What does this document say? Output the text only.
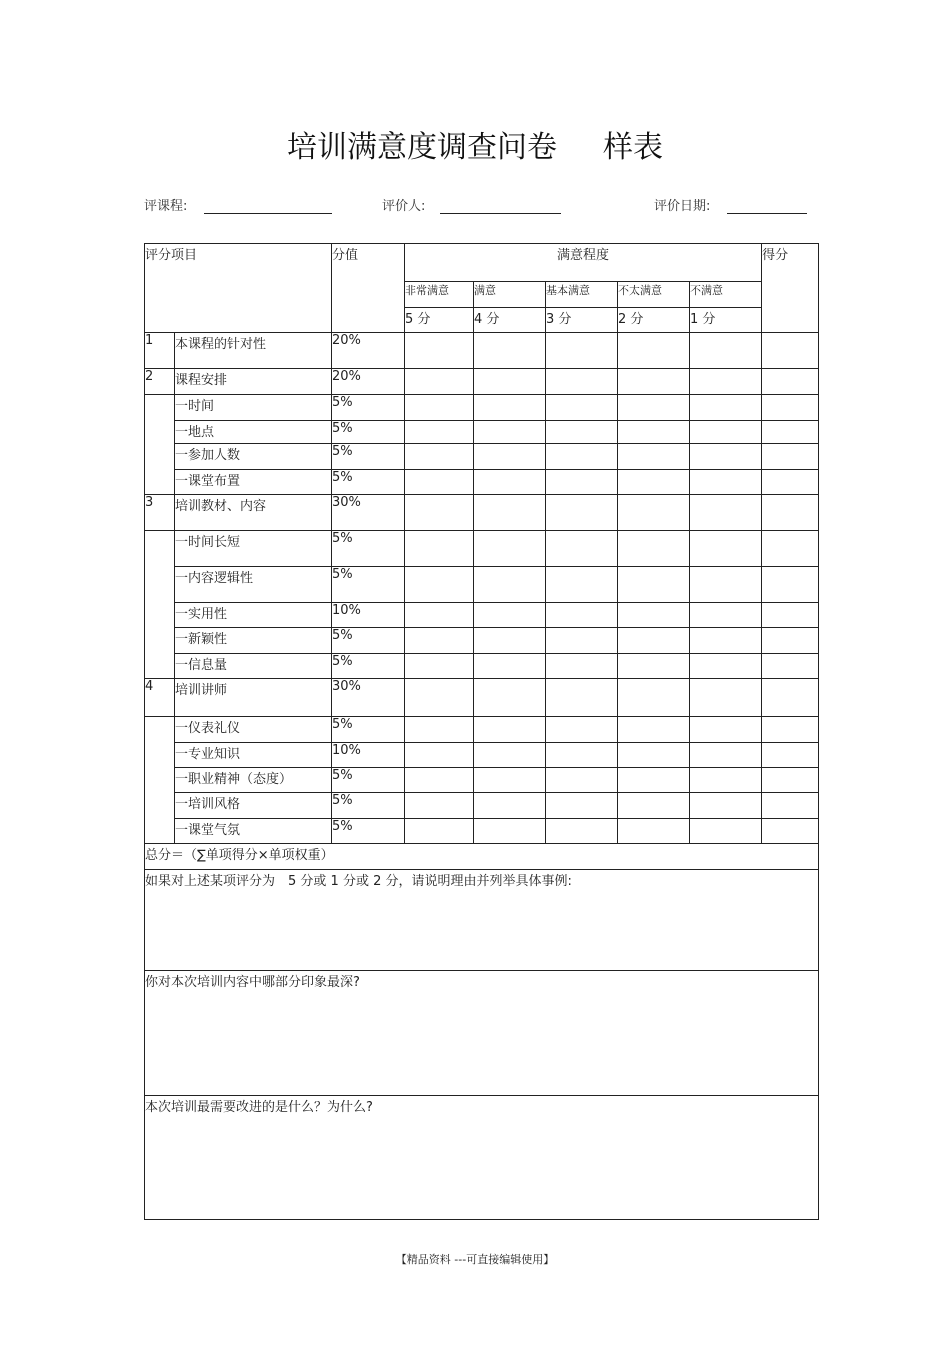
培训满意度调查问卷 样表
评课程:	评价人:	评价日期:
评分项目		分值	满意程度					得分
			非常满意	满意	基本满意	不太满意	不满意	
			5 分	4 分	3 分	2 分	1 分	
1	本课程的针对性	20%						
2	课程安排	20%						
	一时间	5%						
	一地点	5%						
	一参加人数	5%						
	一课堂布置	5%						
3	培训教材、内容	30%						
	一时间长短	5%						
	一内容逻辑性	5%						
	一实用性	10%						
	一新颖性	5%						
	一信息量	5%						
4	培训讲师	30%						
	一仪表礼仪	5%						
	一专业知识	10%						
	一职业精神（态度）	5%						
	一培训风格	5%						
	一课堂气氛	5%						
总分＝（∑单项得分×单项权重）								
如果对上述某项评分为　5 分或 1 分或 2 分，请说明理由并列举具体事例:								
你对本次培训内容中哪部分印象最深?								
本次培训最需要改进的是什么？为什么?								
【精品资料 ---可直接编辑使用】
